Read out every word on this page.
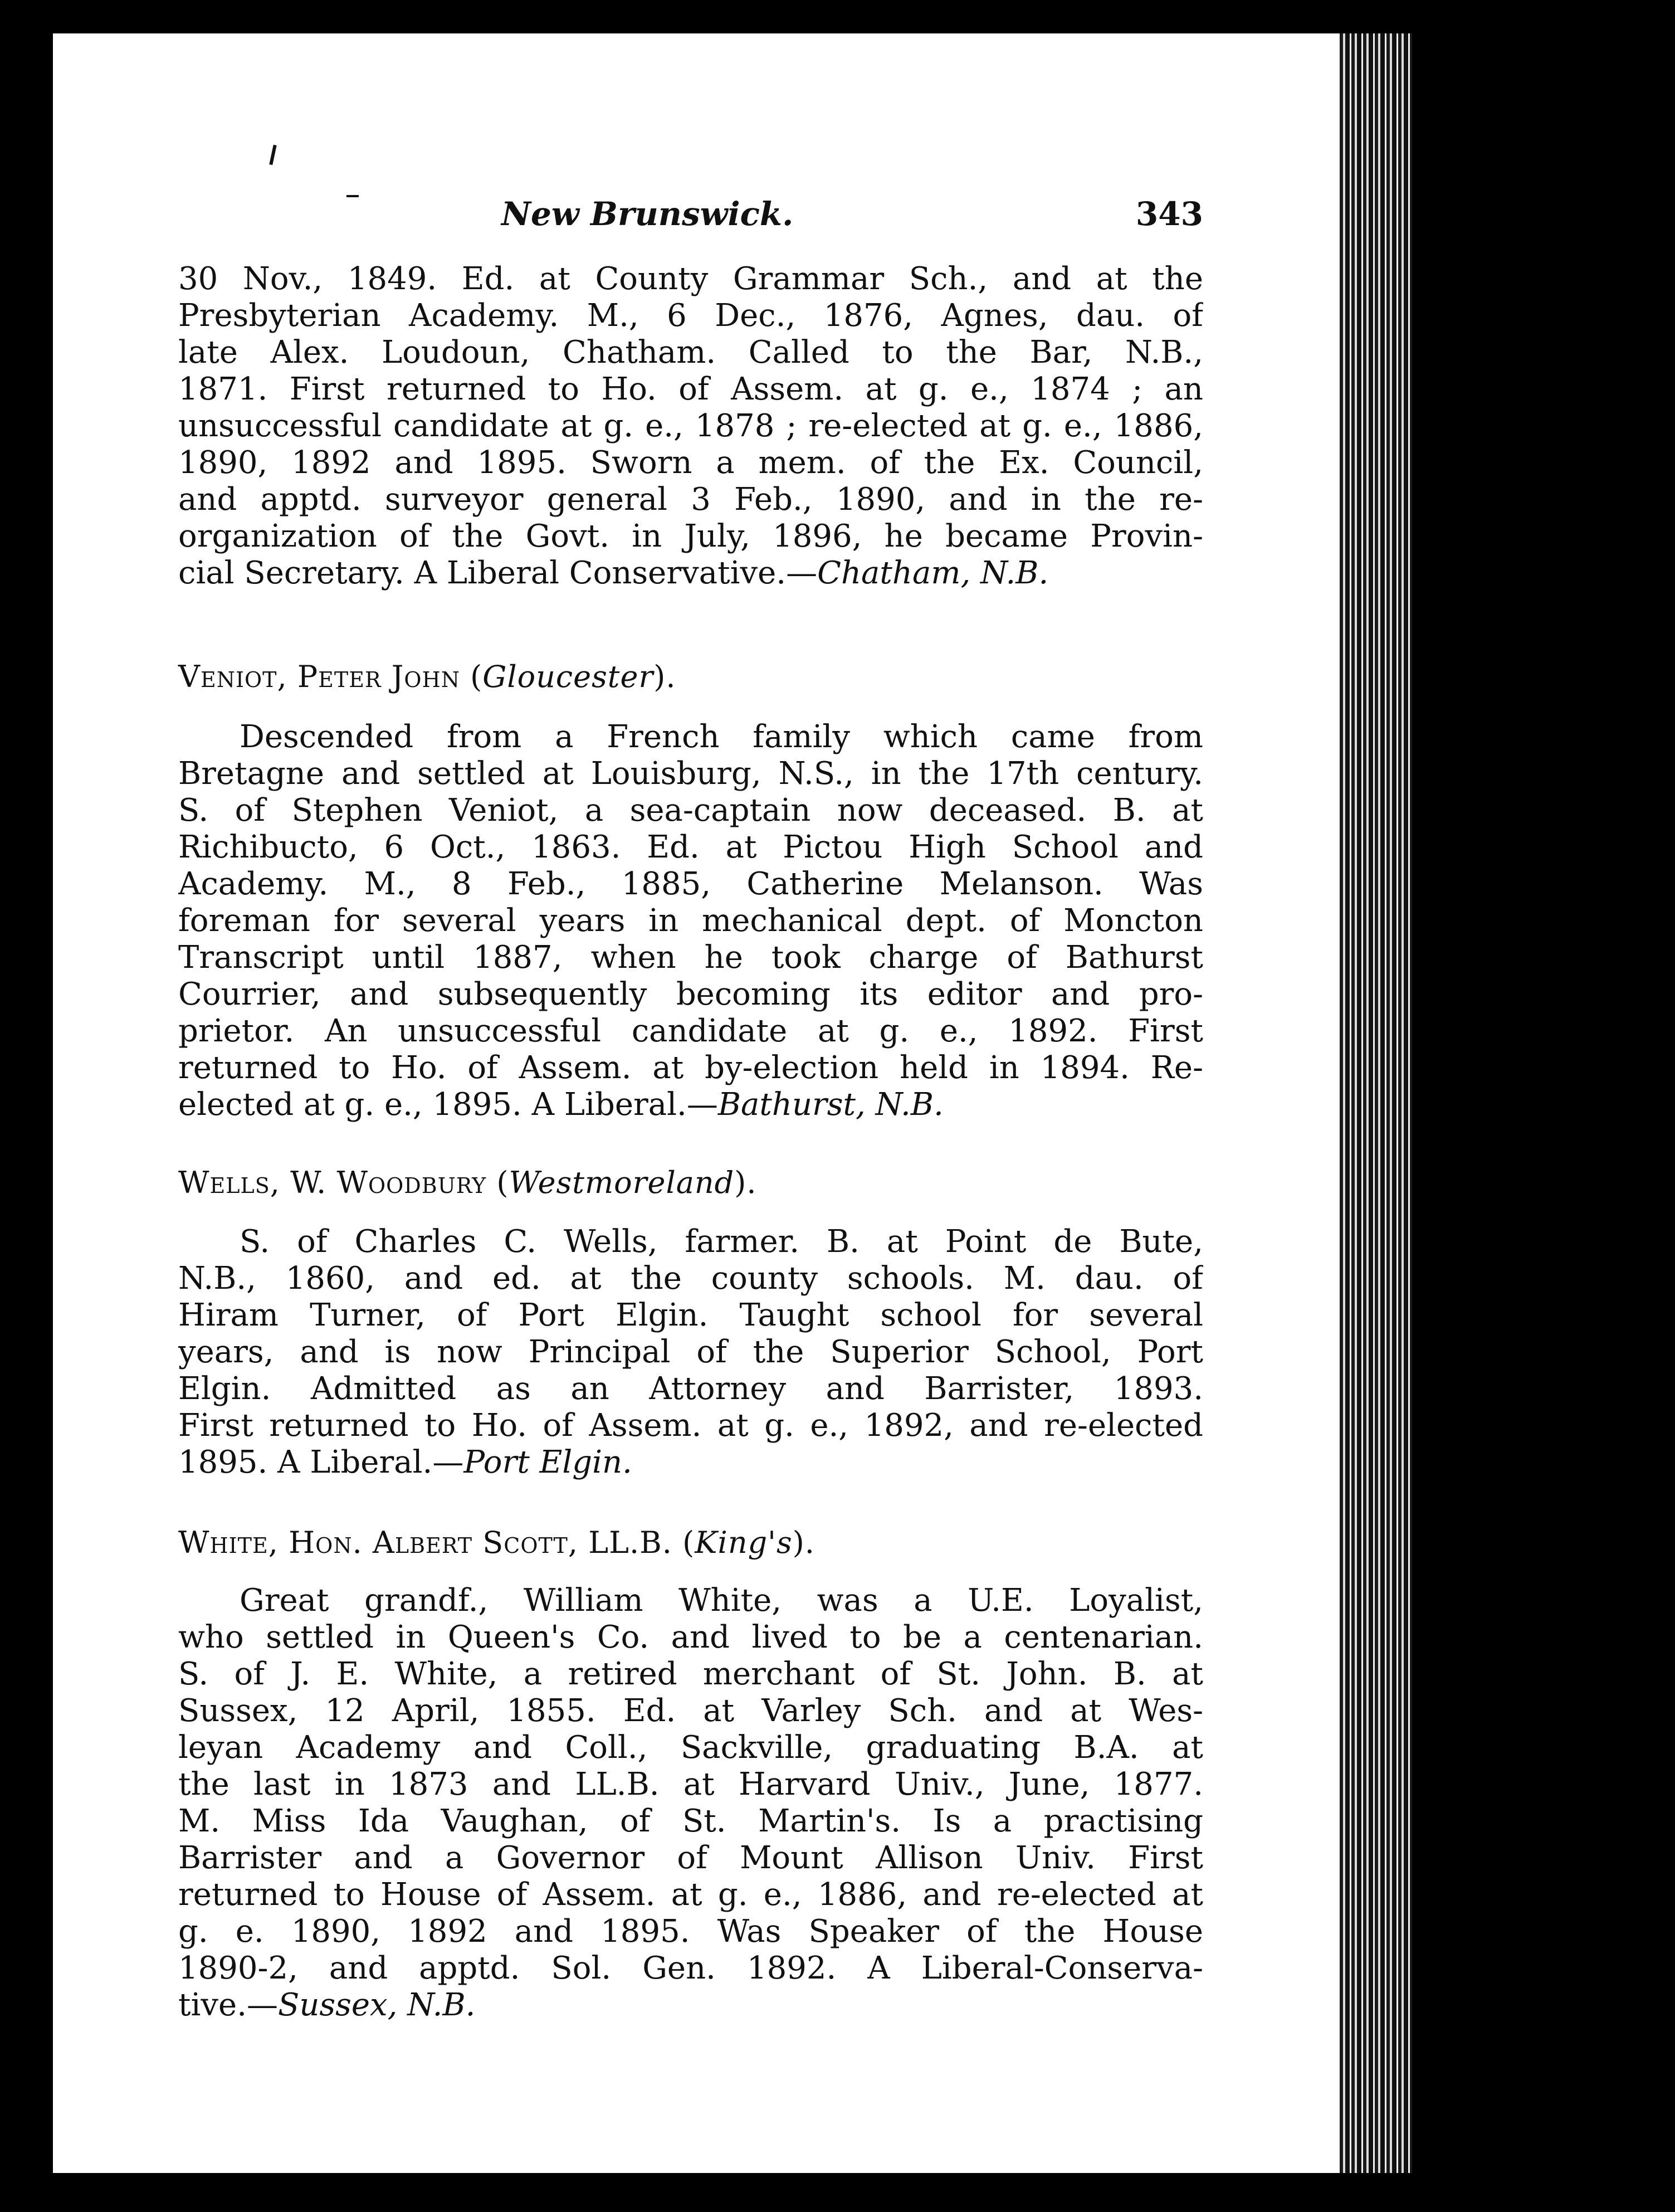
New Brunswick.	343
30 Nov., 1849. Ed. at County Grammar Sch., and at the
Presbyterian Academy. M., 6 Dec., 1876, Agnes, dau. of
late Alex. Loudoun, Chatham. Called to the Bar, N.B.,
1871. First returned to Ho. of Assem. at g. e., 1874 ; an
unsuccessful candidate at g. e., 1878 ; re-elected at g. e., 1886,
1890, 1892 and 1895. Sworn a mem. of the Ex. Council,
and apptd. surveyor general 3 Feb., 1890, and in the re-
organization of the Govt. in July, 1896, he became Provin-
cial Secretary. A Liberal Conservative.—Chatham, N.B.
Veniot, Peter John (Gloucester).
Descended from a French family which came from
Bretagne and settled at Louisburg, N.S., in the 17th century.
S. of Stephen Veniot, a sea-captain now deceased. B. at
Richibucto, 6 Oct., 1863. Ed. at Pictou High School and
Academy. M., 8 Feb., 1885, Catherine Melanson. Was
foreman for several years in mechanical dept. of Moncton
Transcript until 1887, when he took charge of Bathurst
Courrier, and subsequently becoming its editor and pro-
prietor. An unsuccessful candidate at g. e., 1892. First
returned to Ho. of Assem. at by-election held in 1894. Re-
elected at g. e., 1895. A Liberal.—Bathurst, N.B.
Wells, W. Woodbury (Westmoreland).
S. of Charles C. Wells, farmer. B. at Point de Bute,
N.B., 1860, and ed. at the county schools. M. dau. of
Hiram Turner, of Port Elgin. Taught school for several
years, and is now Principal of the Superior School, Port
Elgin. Admitted as an Attorney and Barrister, 1893.
First returned to Ho. of Assem. at g. e., 1892, and re-elected
1895. A Liberal.—Port Elgin.
White, Hon. Albert Scott, LL.B. (King's).
Great grandf., William White, was a U.E. Loyalist,
who settled in Queen's Co. and lived to be a centenarian.
S. of J. E. White, a retired merchant of St. John. B. at
Sussex, 12 April, 1855. Ed. at Varley Sch. and at Wes-
leyan Academy and Coll., Sackville, graduating B.A. at
the last in 1873 and LL.B. at Harvard Univ., June, 1877.
M. Miss Ida Vaughan, of St. Martin's. Is a practising
Barrister and a Governor of Mount Allison Univ. First
returned to House of Assem. at g. e., 1886, and re-elected at
g. e. 1890, 1892 and 1895. Was Speaker of the House
1890-2, and apptd. Sol. Gen. 1892. A Liberal-Conserva-
tive.—Sussex, N.B.
